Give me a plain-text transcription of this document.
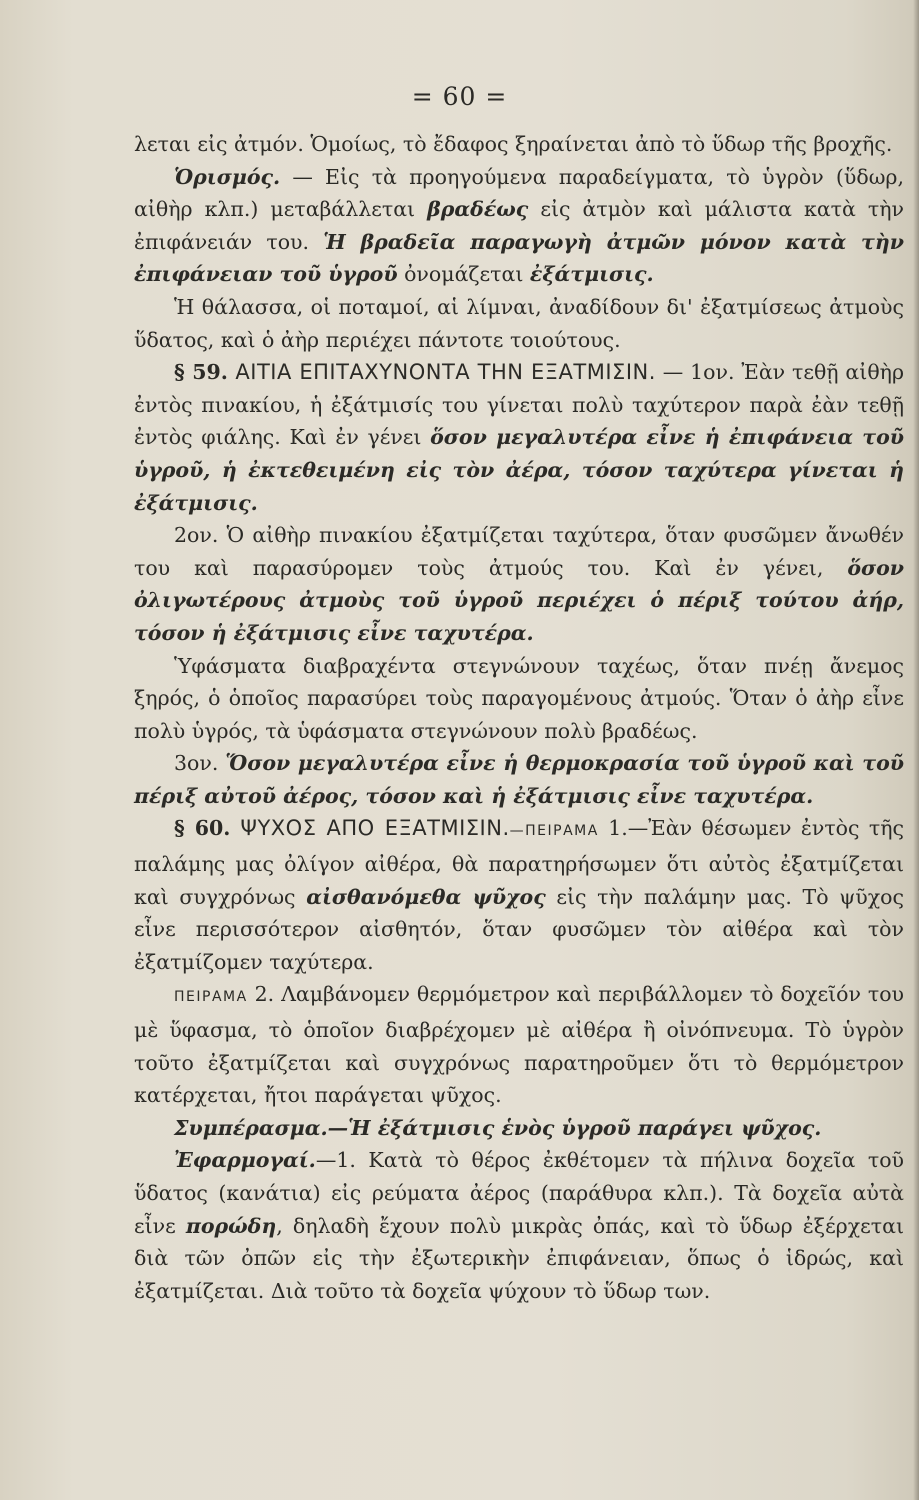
= 60 =

λεται εἰς ἀτμόν. Ὁμοίως, τὸ ἔδαφος ξηραίνεται ἀπὸ τὸ ὕδωρ τῆς βροχῆς.

Ὁρισμός. — Εἰς τὰ προηγούμενα παραδείγματα, τὸ ὑγρὸν (ὕδωρ, αἰθὴρ κλπ.) μεταβάλλεται βραδέως εἰς ἀτμὸν καὶ μάλιστα κατὰ τὴν ἐπιφάνειάν του. Ἡ βραδεῖα παραγωγὴ ἀτμῶν μόνον κατὰ τὴν ἐπιφάνειαν τοῦ ὑγροῦ ὀνομάζεται ἐξάτμισις.

Ἡ θάλασσα, οἱ ποταμοί, αἱ λίμναι, ἀναδίδουν δι' ἐξατμίσεως ἀτμοὺς ὕδατος, καὶ ὁ ἀὴρ περιέχει πάντοτε τοιούτους.

§ 59. ΑΙΤΙΑ ΕΠΙΤΑΧΥΝΟΝΤΑ ΤΗΝ ΕΞΑΤΜΙΣΙΝ. — 1ον. Ἐὰν τεθῇ αἰθὴρ ἐντὸς πινακίου, ἡ ἐξάτμισίς του γίνεται πολὺ ταχύτερον παρὰ ἐὰν τεθῇ ἐντὸς φιάλης. Καὶ ἐν γένει ὅσον μεγαλυτέρα εἶνε ἡ ἐπιφάνεια τοῦ ὑγροῦ, ἡ ἐκτεθειμένη εἰς τὸν ἀέρα, τόσον ταχύτερα γίνεται ἡ ἐξάτμισις.

2ον. Ὁ αἰθὴρ πινακίου ἐξατμίζεται ταχύτερα, ὅταν φυσῶμεν ἄνωθέν του καὶ παρασύρομεν τοὺς ἀτμούς του. Καὶ ἐν γένει, ὅσον ὀλιγωτέρους ἀτμοὺς τοῦ ὑγροῦ περιέχει ὁ πέριξ τούτου ἀήρ, τόσον ἡ ἐξάτμισις εἶνε ταχυτέρα.

Ὑφάσματα διαβραχέντα στεγνώνουν ταχέως, ὅταν πνέῃ ἄνεμος ξηρός, ὁ ὁποῖος παρασύρει τοὺς παραγομένους ἀτμούς. Ὅταν ὁ ἀὴρ εἶνε πολὺ ὑγρός, τὰ ὑφάσματα στεγνώνουν πολὺ βραδέως.

3ον. Ὅσον μεγαλυτέρα εἶνε ἡ θερμοκρασία τοῦ ὑγροῦ καὶ τοῦ πέριξ αὐτοῦ ἀέρος, τόσον καὶ ἡ ἐξάτμισις εἶνε ταχυτέρα.

§ 60. ΨΥΧΟΣ ΑΠΟ ΕΞΑΤΜΙΣΙΝ.—ΠΕΙΡΑΜΑ 1.—Ἐὰν θέσωμεν ἐντὸς τῆς παλάμης μας ὀλίγον αἰθέρα, θὰ παρατηρήσωμεν ὅτι αὐτὸς ἐξατμίζεται καὶ συγχρόνως αἰσθανόμεθα ψῦχος εἰς τὴν παλάμην μας. Τὸ ψῦχος εἶνε περισσότερον αἰσθητόν, ὅταν φυσῶμεν τὸν αἰθέρα καὶ τὸν ἐξατμίζομεν ταχύτερα.

ΠΕΙΡΑΜΑ 2. Λαμβάνομεν θερμόμετρον καὶ περιβάλλομεν τὸ δοχεῖόν του μὲ ὕφασμα, τὸ ὁποῖον διαβρέχομεν μὲ αἰθέρα ἢ οἰνόπνευμα. Τὸ ὑγρὸν τοῦτο ἐξατμίζεται καὶ συγχρόνως παρατηροῦμεν ὅτι τὸ θερμόμετρον κατέρχεται, ἤτοι παράγεται ψῦχος.

Συμπέρασμα.—Ἡ ἐξάτμισις ἑνὸς ὑγροῦ παράγει ψῦχος.

Ἐφαρμογαί.—1. Κατὰ τὸ θέρος ἐκθέτομεν τὰ πήλινα δοχεῖα τοῦ ὕδατος (κανάτια) εἰς ρεύματα ἀέρος (παράθυρα κλπ.). Τὰ δοχεῖα αὐτὰ εἶνε πορώδη, δηλαδὴ ἔχουν πολὺ μικρὰς ὀπάς, καὶ τὸ ὕδωρ ἐξέρχεται διὰ τῶν ὀπῶν εἰς τὴν ἐξωτερικὴν ἐπιφάνειαν, ὅπως ὁ ἱδρώς, καὶ ἐξατμίζεται. Διὰ τοῦτο τὰ δοχεῖα ψύχουν τὸ ὕδωρ των.
